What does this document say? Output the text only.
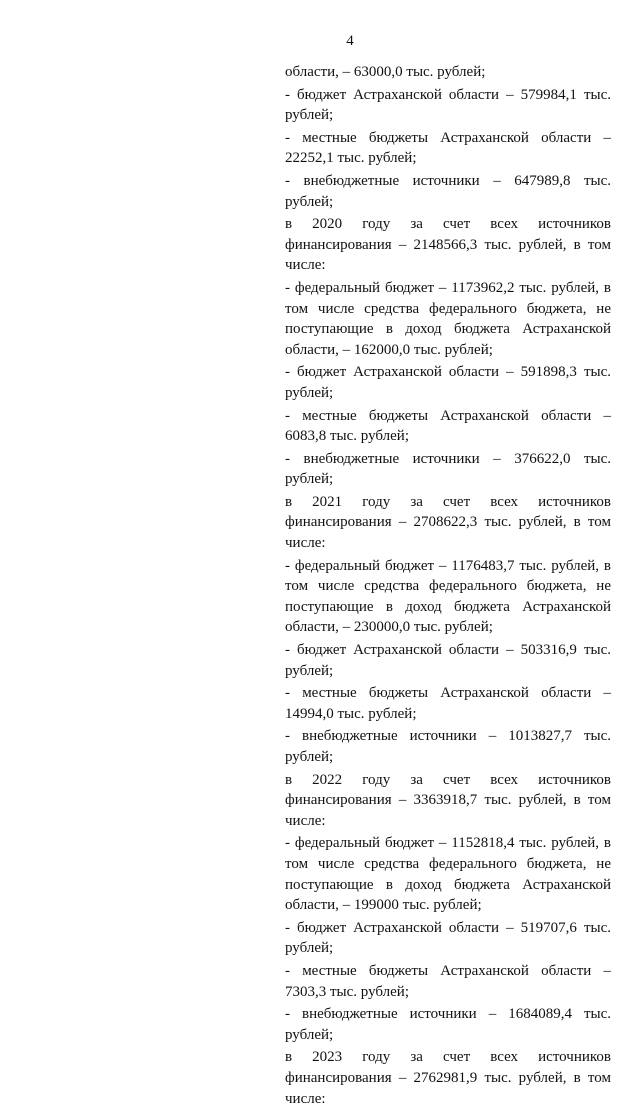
4

области, – 63000,0 тыс. рублей;

- бюджет Астраханской области – 579984,1 тыс. рублей;

- местные бюджеты Астраханской области – 22252,1 тыс. рублей;

- внебюджетные источники – 647989,8 тыс. рублей;

в 2020 году за счет всех источников финансирования – 2148566,3 тыс. рублей, в том числе:

- федеральный бюджет – 1173962,2 тыс. рублей, в том числе средства федерального бюджета, не поступающие в доход бюджета Астраханской области, – 162000,0 тыс. рублей;

- бюджет Астраханской области – 591898,3 тыс. рублей;

- местные бюджеты Астраханской области – 6083,8 тыс. рублей;

- внебюджетные источники – 376622,0 тыс. рублей;

в 2021 году за счет всех источников финансирования – 2708622,3 тыс. рублей, в том числе:

- федеральный бюджет – 1176483,7 тыс. рублей, в том числе средства федерального бюджета, не поступающие в доход бюджета Астраханской области, – 230000,0 тыс. рублей;

- бюджет Астраханской области – 503316,9 тыс. рублей;

- местные бюджеты Астраханской области – 14994,0 тыс. рублей;

- внебюджетные источники – 1013827,7 тыс. рублей;

в 2022 году за счет всех источников финансирования – 3363918,7 тыс. рублей, в том числе:

- федеральный бюджет – 1152818,4 тыс. рублей, в том числе средства федерального бюджета, не поступающие в доход бюджета Астраханской области, – 199000 тыс. рублей;

- бюджет Астраханской области – 519707,6 тыс. рублей;

- местные бюджеты Астраханской области – 7303,3 тыс. рублей;

- внебюджетные источники – 1684089,4 тыс. рублей;

в 2023 году за счет всех источников финансирования – 2762981,9 тыс. рублей, в том числе:
